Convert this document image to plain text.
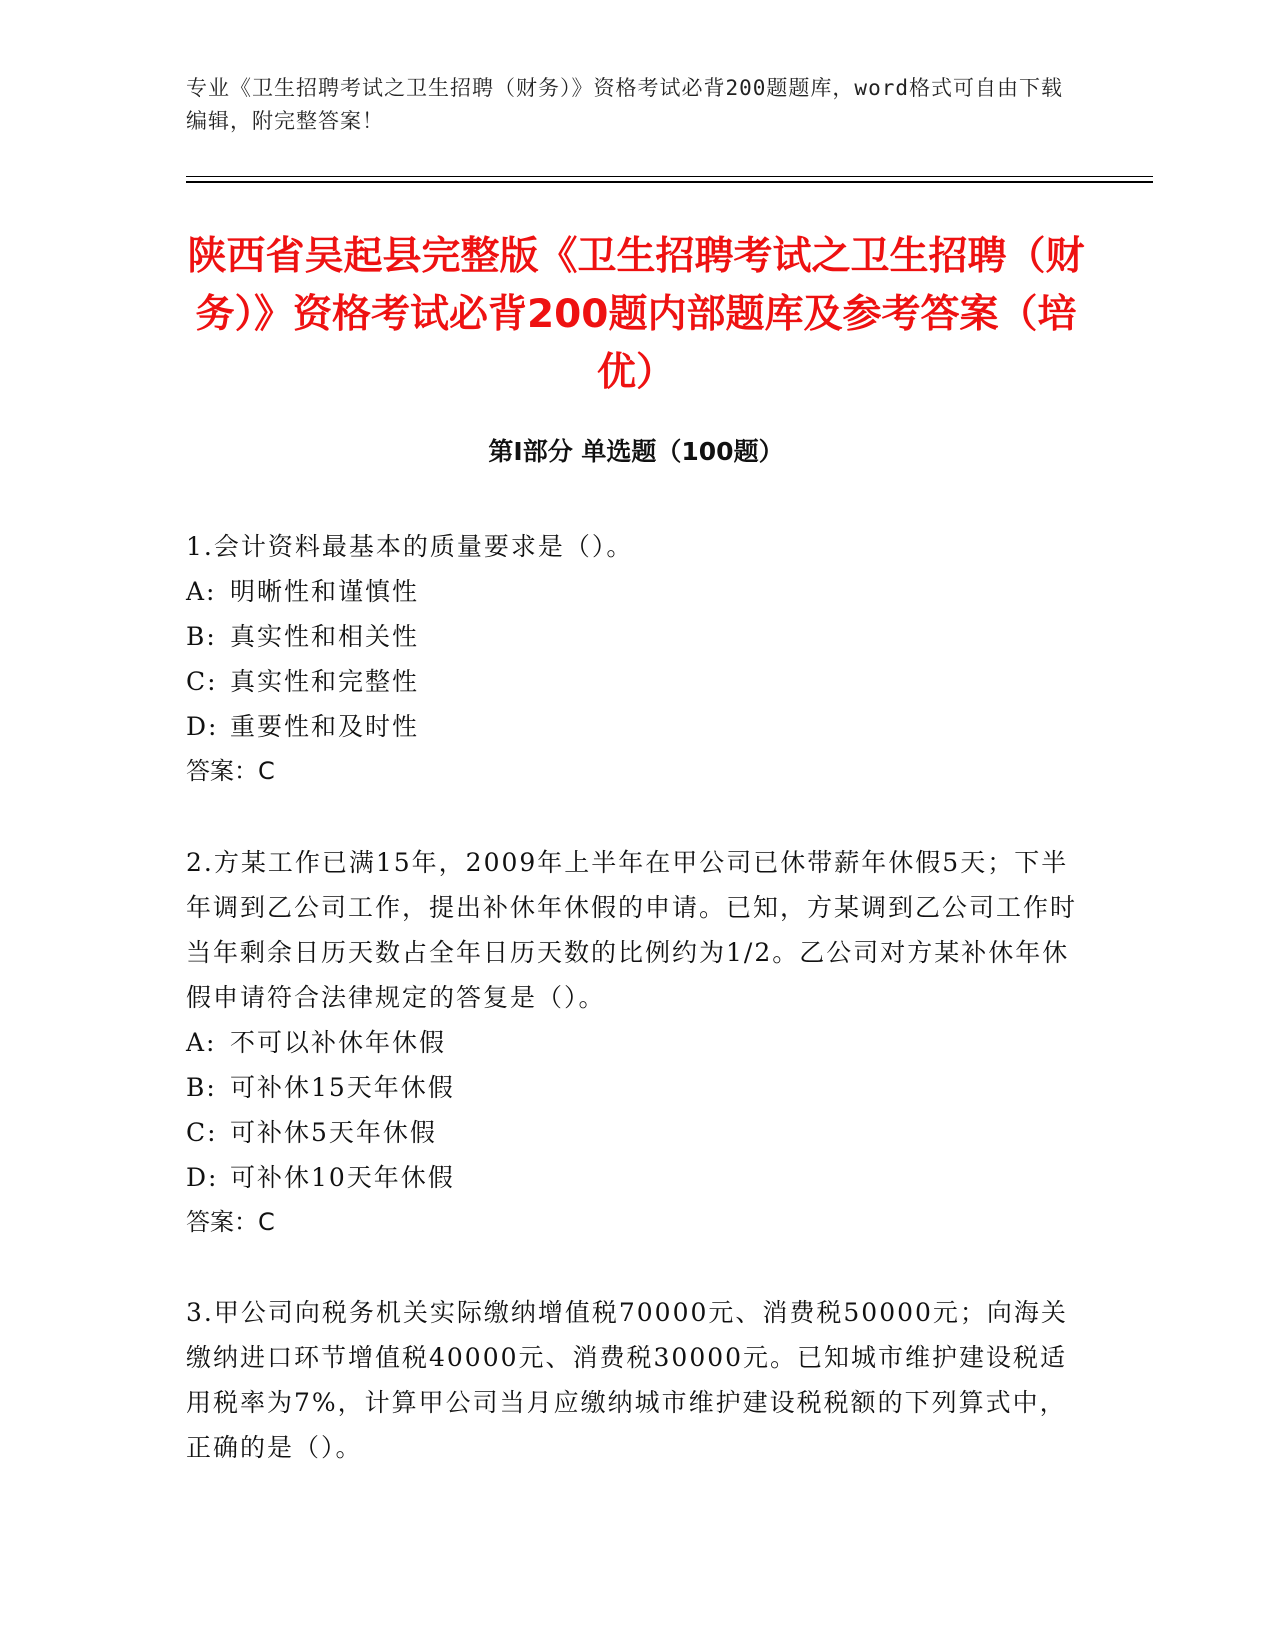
专业《卫生招聘考试之卫生招聘（财务）》资格考试必背200题题库，word格式可自由下载编辑，附完整答案！
陕西省吴起县完整版《卫生招聘考试之卫生招聘（财务）》资格考试必背200题内部题库及参考答案（培优）
第Ⅰ部分 单选题（100题）

1.会计资料最基本的质量要求是（）。

A: 明晰性和谨慎性

B: 真实性和相关性

C: 真实性和完整性

D: 重要性和及时性

答案：C

2.方某工作已满15年，2009年上半年在甲公司已休带薪年休假5天；下半年调到乙公司工作，提出补休年休假的申请。已知，方某调到乙公司工作时当年剩余日历天数占全年日历天数的比例约为1/2。乙公司对方某补休年休假申请符合法律规定的答复是（）。

A: 不可以补休年休假

B: 可补休15天年休假

C: 可补休5天年休假

D: 可补休10天年休假

答案：C

3.甲公司向税务机关实际缴纳增值税70000元、消费税50000元；向海关缴纳进口环节增值税40000元、消费税30000元。已知城市维护建设税适用税率为7%，计算甲公司当月应缴纳城市维护建设税税额的下列算式中，正确的是（）。
